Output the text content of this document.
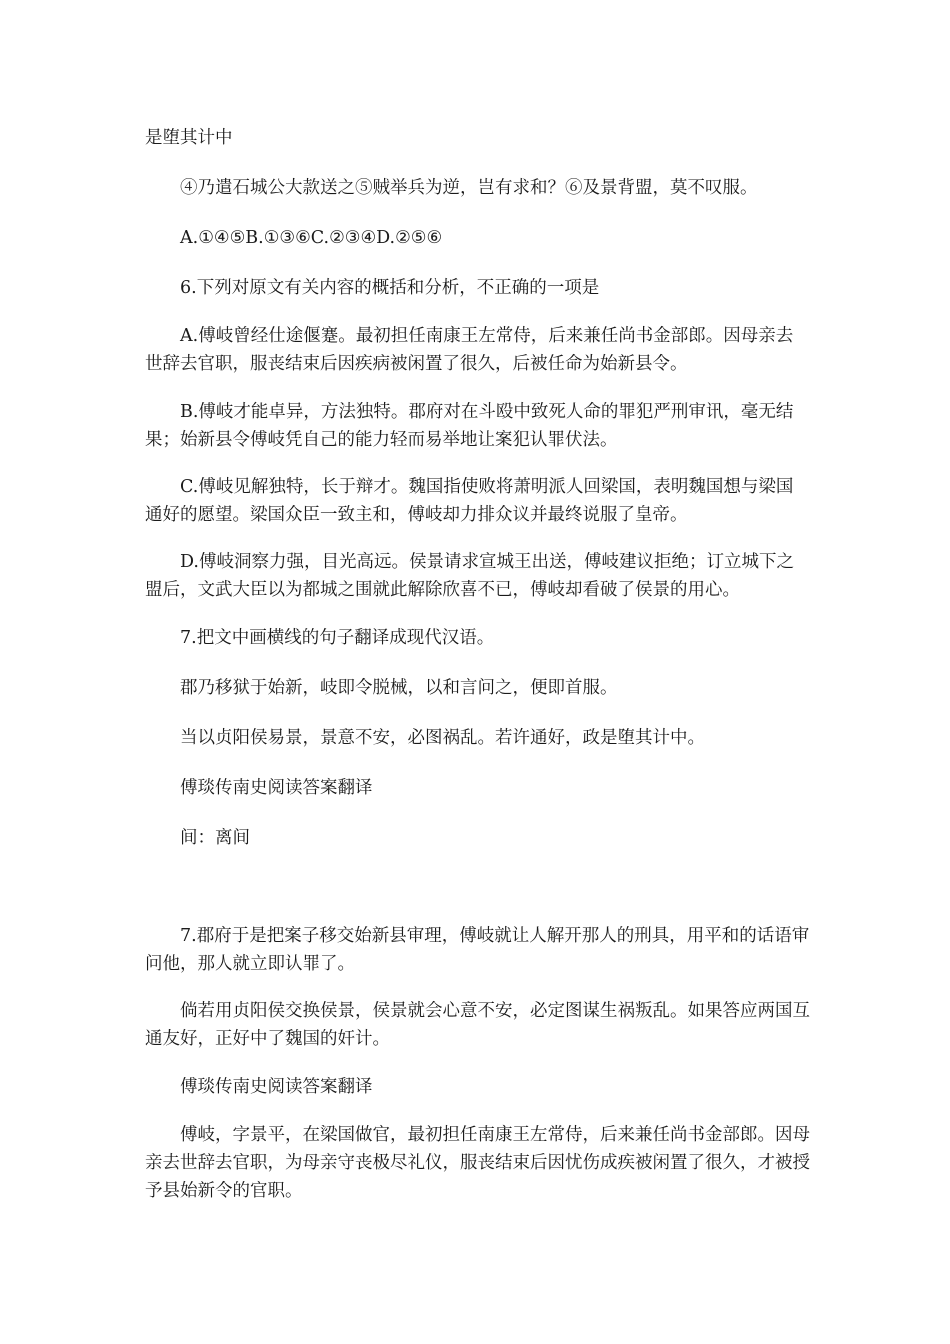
是堕其计中

④乃遣石城公大款送之⑤贼举兵为逆，岂有求和？⑥及景背盟，莫不叹服。

A.①④⑤B.①③⑥C.②③④D.②⑤⑥

6.下列对原文有关内容的概括和分析，不正确的一项是

A.傅岐曾经仕途偃蹇。最初担任南康王左常侍，后来兼任尚书金部郎。因母亲去世辞去官职，服丧结束后因疾病被闲置了很久，后被任命为始新县令。

B.傅岐才能卓异，方法独特。郡府对在斗殴中致死人命的罪犯严刑审讯，毫无结果；始新县令傅岐凭自己的能力轻而易举地让案犯认罪伏法。

C.傅岐见解独特，长于辩才。魏国指使败将萧明派人回梁国，表明魏国想与梁国通好的愿望。梁国众臣一致主和，傅岐却力排众议并最终说服了皇帝。

D.傅岐洞察力强，目光高远。侯景请求宣城王出送，傅岐建议拒绝；订立城下之盟后，文武大臣以为都城之围就此解除欣喜不已，傅岐却看破了侯景的用心。

7.把文中画横线的句子翻译成现代汉语。

郡乃移狱于始新，岐即令脱械，以和言问之，便即首服。

当以贞阳侯易景，景意不安，必图祸乱。若许通好，政是堕其计中。

傅琰传南史阅读答案翻译

间：离间

7.郡府于是把案子移交始新县审理，傅岐就让人解开那人的刑具，用平和的话语审问他，那人就立即认罪了。

倘若用贞阳侯交换侯景，侯景就会心意不安，必定图谋生祸叛乱。如果答应两国互通友好，正好中了魏国的奸计。

傅琰传南史阅读答案翻译

傅岐，字景平，在梁国做官，最初担任南康王左常侍，后来兼任尚书金部郎。因母亲去世辞去官职，为母亲守丧极尽礼仪，服丧结束后因忧伤成疾被闲置了很久，才被授予县始新令的官职。
